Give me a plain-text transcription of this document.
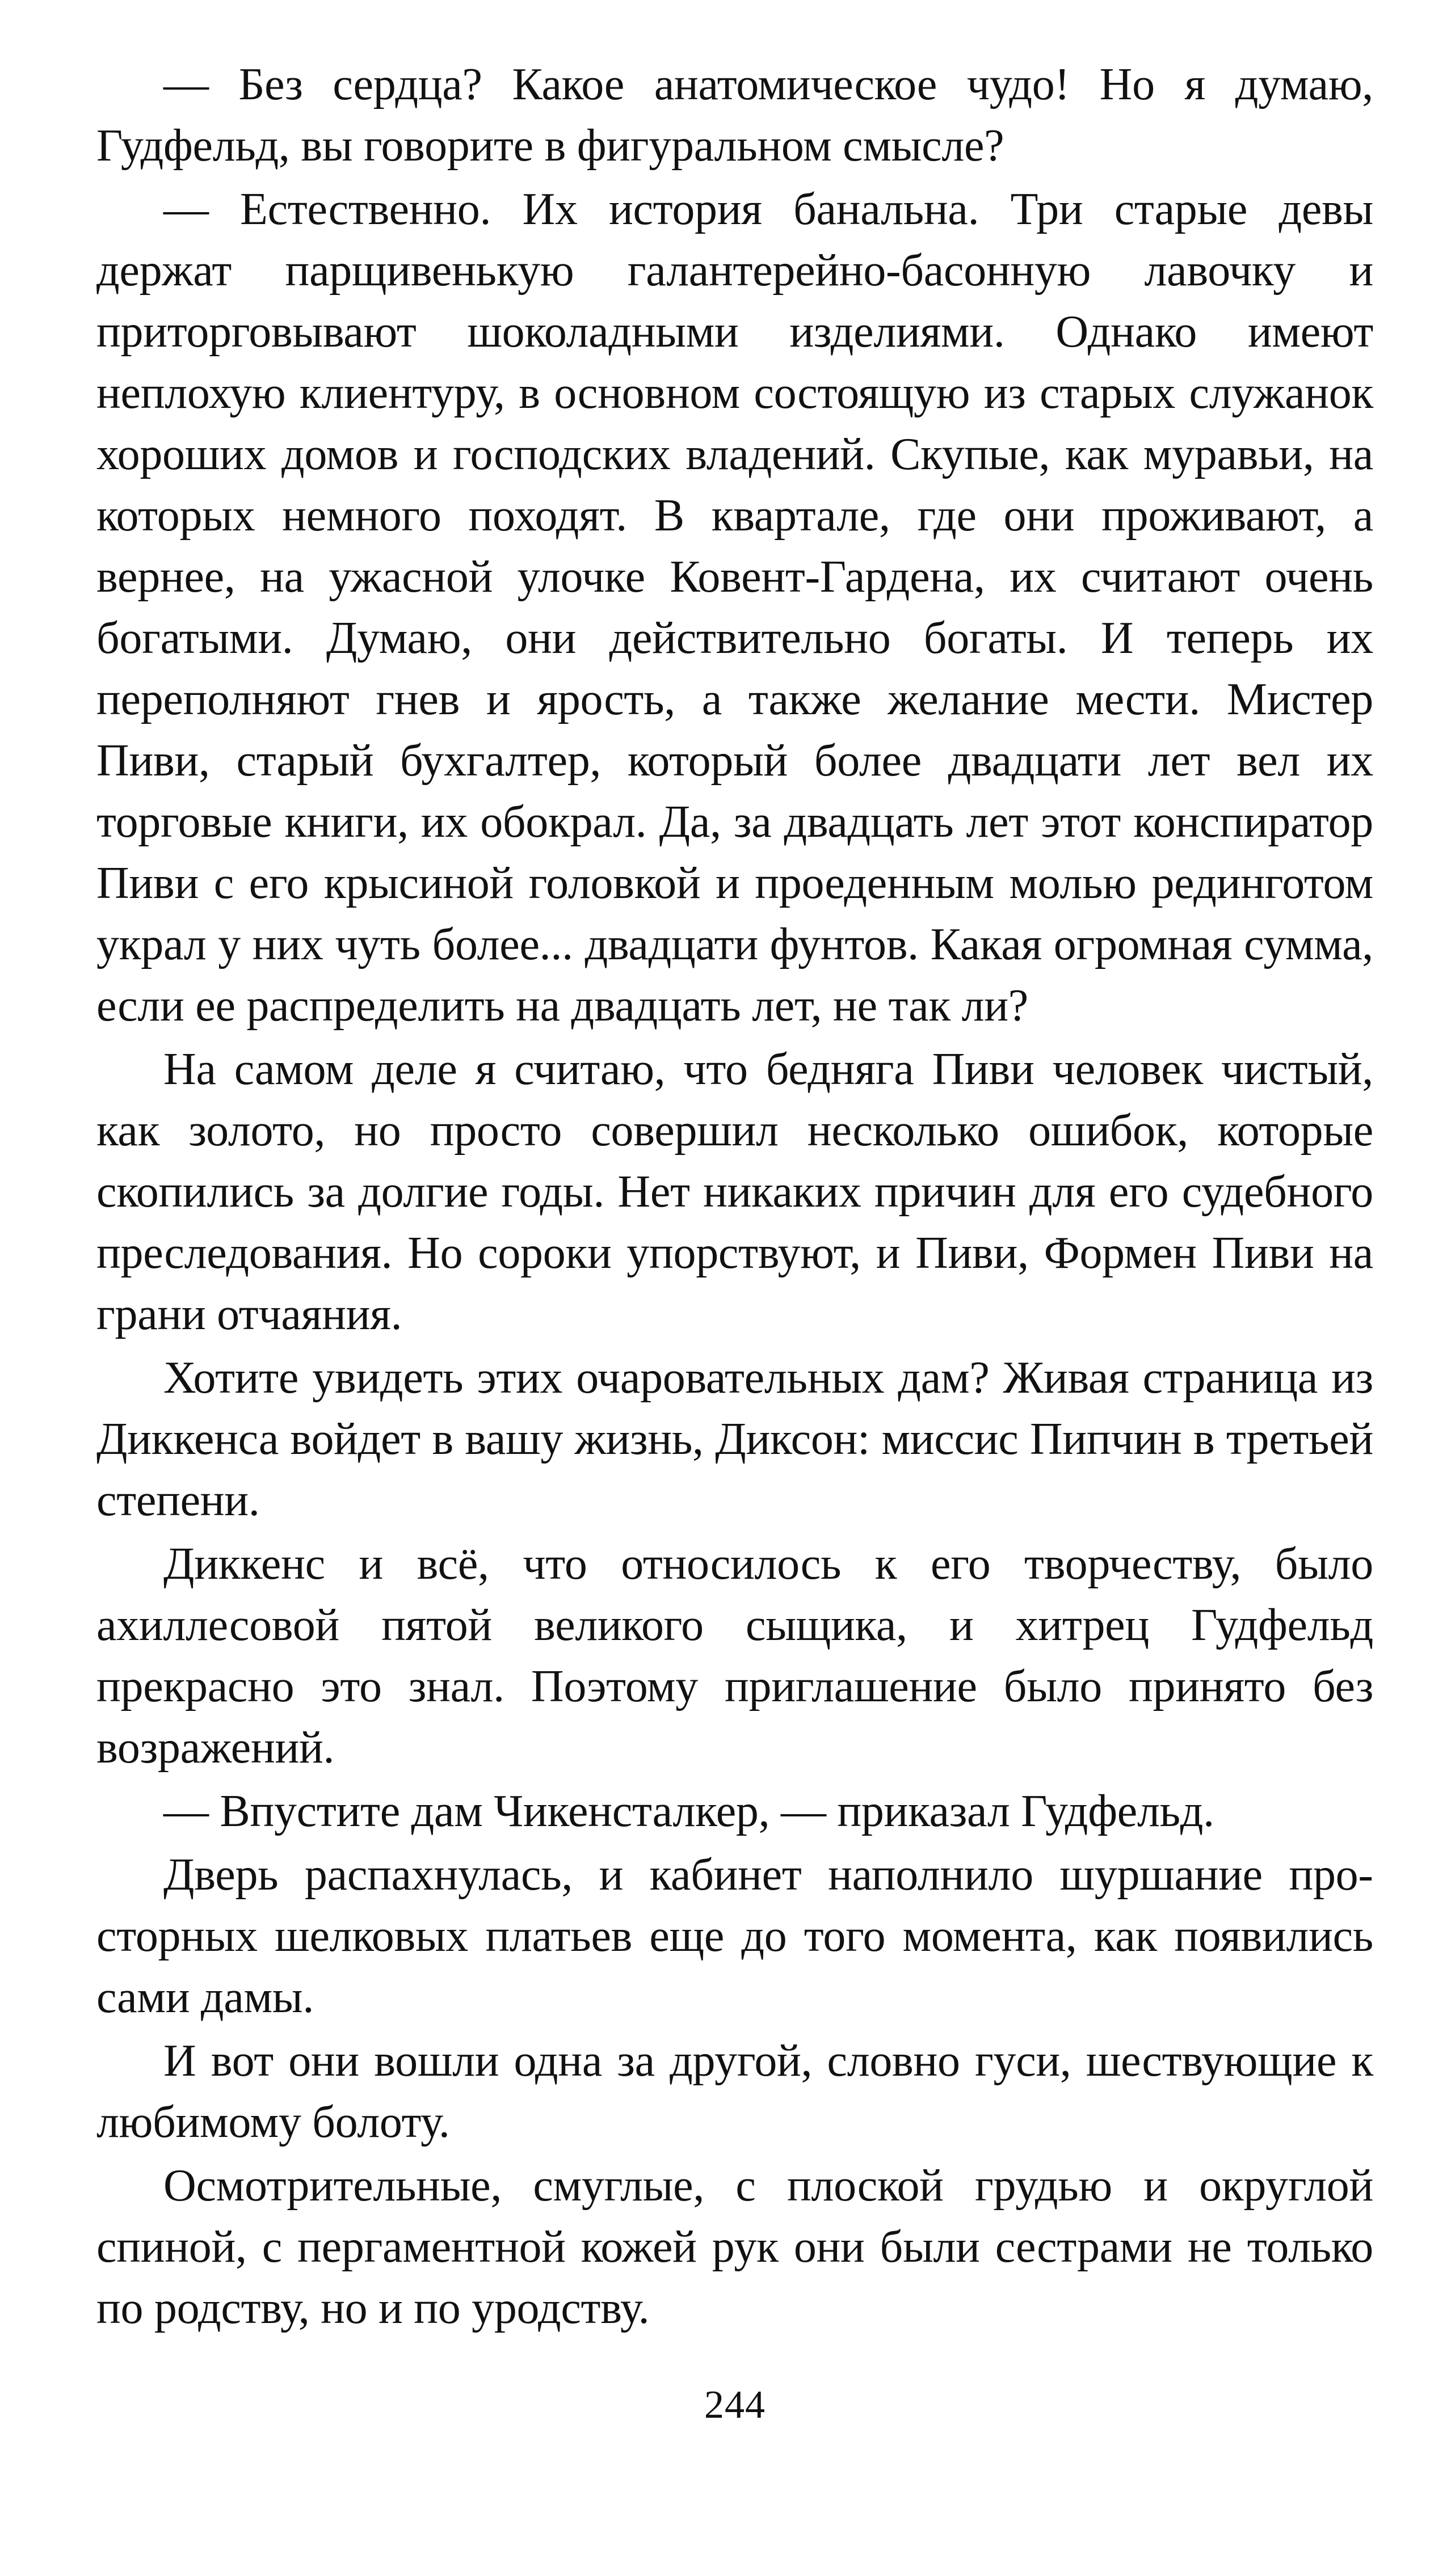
— Без сердца? Какое анатомическое чудо! Но я думаю, Гудфельд, вы говорите в фигуральном смысле?

— Естественно. Их история банальна. Три старые девы держат парщивенькую галантерейно-басонную лавочку и приторговывают шоколадными изделиями. Однако имеют неплохую клиентуру, в основном состоящую из старых служанок хороших домов и господских владений. Скупые, как муравьи, на которых немного походят. В квартале, где они проживают, а вернее, на ужасной улочке Ковент-Гардена, их считают очень богатыми. Думаю, они действительно богаты. И теперь их переполняют гнев и ярость, а также желание мести. Мистер Пиви, старый бухгалтер, который более двадцати лет вел их торговые книги, их обокрал. Да, за двадцать лет этот конспиратор Пиви с его крысиной головкой и проеденным молью рединготом украл у них чуть более... двадцати фунтов. Какая огромная сумма, если ее распределить на двадцать лет, не так ли?

На самом деле я считаю, что бедняга Пиви человек чистый, как золото, но просто совершил несколько ошибок, которые скопились за долгие годы. Нет никаких причин для его судебного преследования. Но сороки упорствуют, и Пиви, Формен Пиви на грани отчаяния.

Хотите увидеть этих очаровательных дам? Живая страница из Диккенса войдет в вашу жизнь, Диксон: миссис Пипчин в третьей степени.

Диккенс и всё, что относилось к его творчеству, было ахиллесовой пятой великого сыщика, и хитрец Гудфельд прекрасно это знал. Поэтому приглашение было принято без возражений.

— Впустите дам Чикенсталкер, — приказал Гудфельд.

Дверь распахнулась, и кабинет наполнило шуршание просторных шелковых платьев еще до того момента, как появились сами дамы.

И вот они вошли одна за другой, словно гуси, шествующие к любимому болоту.

Осмотрительные, смуглые, с плоской грудью и округлой спиной, с пергаментной кожей рук они были сестрами не только по родству, но и по уродству.

244
